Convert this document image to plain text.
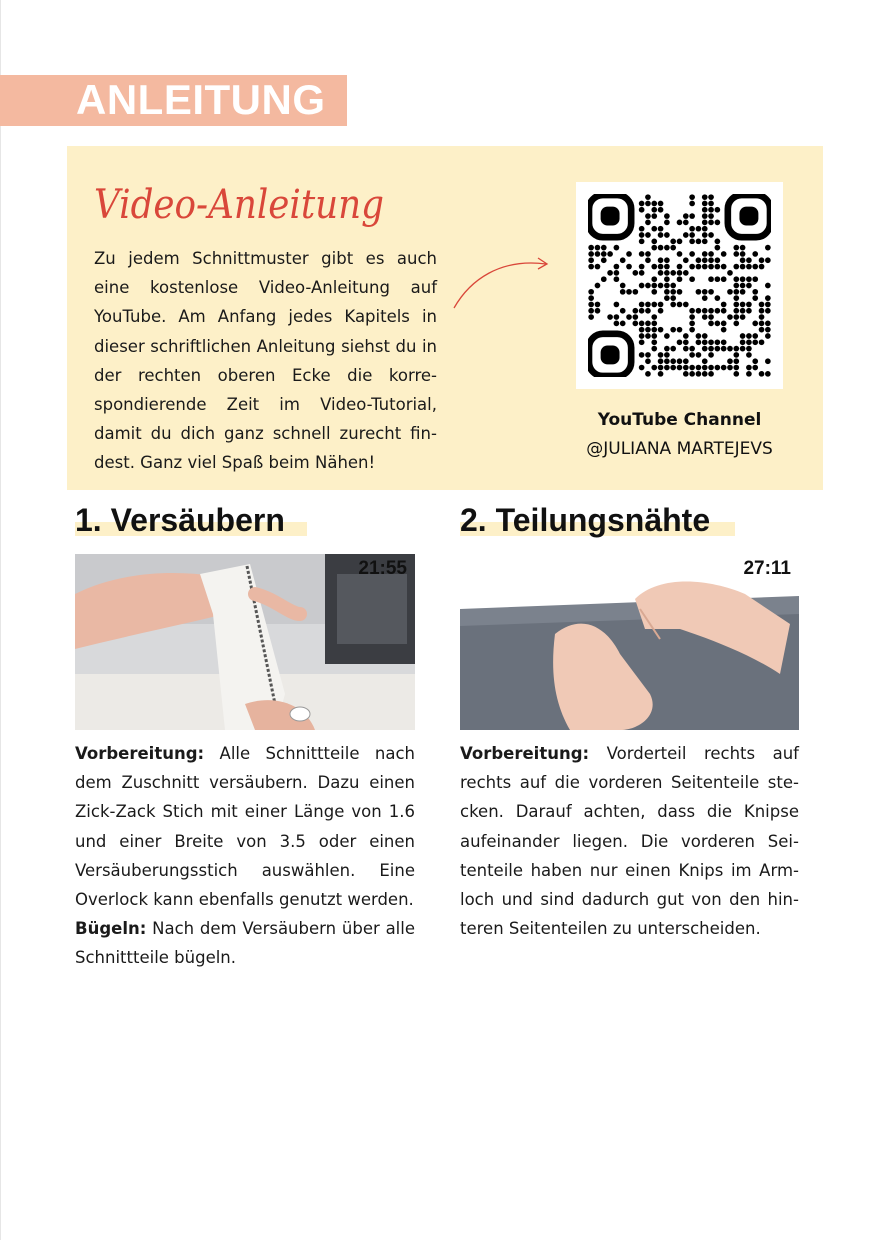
ANLEITUNG
Video-Anleitung
Zu jedem Schnittmuster gibt es auch eine kostenlose Video-Anleitung auf YouTube. Am Anfang jedes Kapitels in dieser schriftlichen Anleitung siehst du in der rechten oberen Ecke die korrespondierende Zeit im Video-Tutorial, damit du dich ganz schnell zurecht findest. Ganz viel Spaß beim Nähen!
YouTube Channel
@JULIANA MARTEJEVS
1. Versäubern	2. Teilungsnähte
21:55	27:11

Vorbereitung: Alle Schnittteile nach dem Zuschnitt versäubern. Dazu einen Zick-Zack Stich mit einer Länge von 1.6 und einer Breite von 3.5 oder einen Versäuberungsstich auswählen. Eine Overlock kann ebenfalls genutzt werden.

Bügeln: Nach dem Versäubern über alle Schnittteile bügeln.

Vorbereitung: Vorderteil rechts auf rechts auf die vorderen Seitenteile stecken. Darauf achten, dass die Knipse aufeinander liegen. Die vorderen Seitenteile haben nur einen Knips im Armloch und sind dadurch gut von den hinteren Seitenteilen zu unterscheiden.
